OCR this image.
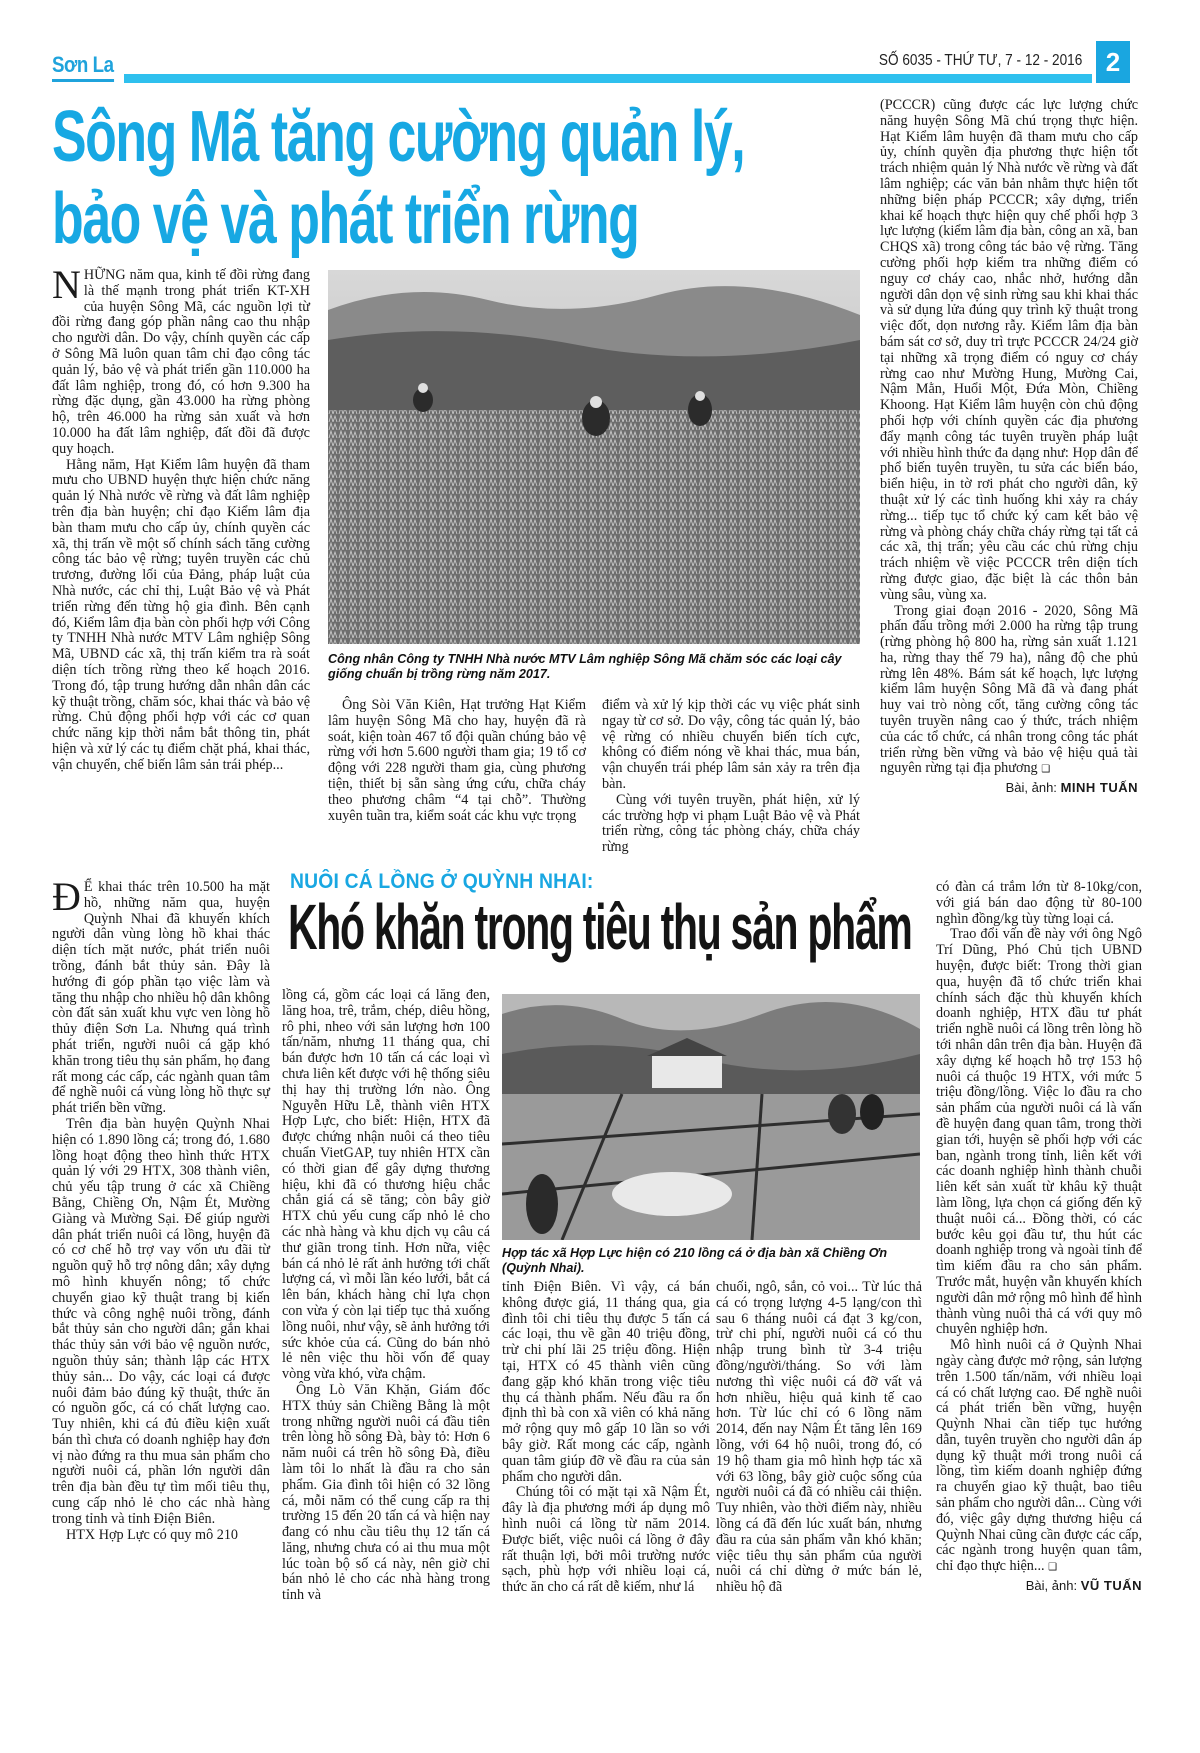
Sơn La	SỐ 6035 - THỨ TƯ, 7 - 12 - 2016 2
Sông Mã tăng cường quản lý,
bảo vệ và phát triển rừng

NHỮNG năm qua, kinh tế đồi rừng đang là thế mạnh trong phát triển KT-XH của huyện Sông Mã, các nguồn lợi từ đồi rừng đang góp phần nâng cao thu nhập cho người dân. Do vậy, chính quyền các cấp ở Sông Mã luôn quan tâm chỉ đạo công tác quản lý, bảo vệ và phát triển gần 110.000 ha đất lâm nghiệp, trong đó, có hơn 9.300 ha rừng đặc dụng, gần 43.000 ha rừng phòng hộ, trên 46.000 ha rừng sản xuất và hơn 10.000 ha đất lâm nghiệp, đất đồi đã được quy hoạch.

Hằng năm, Hạt Kiểm lâm huyện đã tham mưu cho UBND huyện thực hiện chức năng quản lý Nhà nước về rừng và đất lâm nghiệp trên địa bàn huyện; chỉ đạo Kiểm lâm địa bàn tham mưu cho cấp ủy, chính quyền các xã, thị trấn về một số chính sách tăng cường công tác bảo vệ rừng; tuyên truyền các chủ trương, đường lối của Đảng, pháp luật của Nhà nước, các chỉ thị, Luật Bảo vệ và Phát triển rừng đến từng hộ gia đình. Bên cạnh đó, Kiểm lâm địa bàn còn phối hợp với Công ty TNHH Nhà nước MTV Lâm nghiệp Sông Mã, UBND các xã, thị trấn kiểm tra rà soát diện tích trồng rừng theo kế hoạch 2016. Trong đó, tập trung hướng dẫn nhân dân các kỹ thuật trồng, chăm sóc, khai thác và bảo vệ rừng. Chủ động phối hợp với các cơ quan chức năng kịp thời nắm bắt thông tin, phát hiện và xử lý các tụ điểm chặt phá, khai thác, vận chuyển, chế biến lâm sản trái phép...

Công nhân Công ty TNHH Nhà nước MTV Lâm nghiệp Sông Mã chăm sóc các loại cây giống chuẩn bị trồng rừng năm 2017.

Ông Sòi Văn Kiên, Hạt trưởng Hạt Kiểm lâm huyện Sông Mã cho hay, huyện đã rà soát, kiện toàn 467 tổ đội quần chúng bảo vệ rừng với hơn 5.600 người tham gia; 19 tổ cơ động với 228 người tham gia, cùng phương tiện, thiết bị sẵn sàng ứng cứu, chữa cháy theo phương châm “4 tại chỗ”. Thường xuyên tuần tra, kiểm soát các khu vực trọng

điểm và xử lý kịp thời các vụ việc phát sinh ngay từ cơ sở. Do vậy, công tác quản lý, bảo vệ rừng có nhiều chuyển biến tích cực, không có điểm nóng về khai thác, mua bán, vận chuyển trái phép lâm sản xảy ra trên địa bàn.

Cùng với tuyên truyền, phát hiện, xử lý các trường hợp vi phạm Luật Bảo vệ và Phát triển rừng, công tác phòng cháy, chữa cháy rừng

(PCCCR) cũng được các lực lượng chức năng huyện Sông Mã chú trọng thực hiện. Hạt Kiểm lâm huyện đã tham mưu cho cấp ủy, chính quyền địa phương thực hiện tốt trách nhiệm quản lý Nhà nước về rừng và đất lâm nghiệp; các văn bản nhằm thực hiện tốt những biện pháp PCCCR; xây dựng, triển khai kế hoạch thực hiện quy chế phối hợp 3 lực lượng (kiểm lâm địa bàn, công an xã, ban CHQS xã) trong công tác bảo vệ rừng. Tăng cường phối hợp kiểm tra những điểm có nguy cơ cháy cao, nhắc nhở, hướng dẫn người dân dọn vệ sinh rừng sau khi khai thác và sử dụng lửa đúng quy trình kỹ thuật trong việc đốt, dọn nương rẫy. Kiểm lâm địa bàn bám sát cơ sở, duy trì trực PCCCR 24/24 giờ tại những xã trọng điểm có nguy cơ cháy rừng cao như Mường Hung, Mường Cai, Nậm Mằn, Huổi Một, Đứa Mòn, Chiềng Khoong. Hạt Kiểm lâm huyện còn chủ động phối hợp với chính quyền các địa phương đẩy mạnh công tác tuyên truyền pháp luật với nhiều hình thức đa dạng như: Họp dân để phổ biến tuyên truyền, tu sửa các biển báo, biển hiệu, in tờ rơi phát cho người dân, kỹ thuật xử lý các tình huống khi xảy ra cháy rừng... tiếp tục tổ chức ký cam kết bảo vệ rừng và phòng cháy chữa cháy rừng tại tất cả các xã, thị trấn; yêu cầu các chủ rừng chịu trách nhiệm về việc PCCCR trên diện tích rừng được giao, đặc biệt là các thôn bản vùng sâu, vùng xa.

Trong giai đoạn 2016 - 2020, Sông Mã phấn đấu trồng mới 2.000 ha rừng tập trung (rừng phòng hộ 800 ha, rừng sản xuất 1.121 ha, rừng thay thế 79 ha), nâng độ che phủ rừng lên 48%. Bám sát kế hoạch, lực lượng kiểm lâm huyện Sông Mã đã và đang phát huy vai trò nòng cốt, tăng cường công tác tuyên truyền nâng cao ý thức, trách nhiệm của các tổ chức, cá nhân trong công tác phát triển rừng bền vững và bảo vệ hiệu quả tài nguyên rừng tại địa phương ❑

Bài, ảnh: MINH TUẤN

NUÔI CÁ LỒNG Ở QUỲNH NHAI:
Khó khăn trong tiêu thụ sản phẩm

Đ Ể khai thác trên 10.500 ha mặt hồ, những năm qua, huyện Quỳnh Nhai đã khuyến khích người dân vùng lòng hồ khai thác diện tích mặt nước, phát triển nuôi trồng, đánh bắt thủy sản. Đây là hướng đi góp phần tạo việc làm và tăng thu nhập cho nhiều hộ dân không còn đất sản xuất khu vực ven lòng hồ thủy điện Sơn La. Nhưng quá trình phát triển, người nuôi cá gặp khó khăn trong tiêu thụ sản phẩm, họ đang rất mong các cấp, các ngành quan tâm để nghề nuôi cá vùng lòng hồ thực sự phát triển bền vững.

Trên địa bàn huyện Quỳnh Nhai hiện có 1.890 lồng cá; trong đó, 1.680 lồng hoạt động theo hình thức HTX quản lý với 29 HTX, 308 thành viên, chủ yếu tập trung ở các xã Chiềng Bằng, Chiềng Ơn, Nậm Ét, Mường Giàng và Mường Sại. Để giúp người dân phát triển nuôi cá lồng, huyện đã có cơ chế hỗ trợ vay vốn ưu đãi từ nguồn quỹ hỗ trợ nông dân; xây dựng mô hình khuyến nông; tổ chức chuyển giao kỹ thuật trang bị kiến thức và công nghệ nuôi trồng, đánh bắt thủy sản cho người dân; gắn khai thác thủy sản với bảo vệ nguồn nước, nguồn thủy sản; thành lập các HTX thủy sản... Do vậy, các loại cá được nuôi đảm bảo đúng kỹ thuật, thức ăn có nguồn gốc, cá có chất lượng cao. Tuy nhiên, khi cá đủ điều kiện xuất bán thì chưa có doanh nghiệp hay đơn vị nào đứng ra thu mua sản phẩm cho người nuôi cá, phần lớn người dân trên địa bàn đều tự tìm mối tiêu thụ, cung cấp nhỏ lẻ cho các nhà hàng trong tỉnh và tỉnh Điện Biên.

HTX Hợp Lực có quy mô 210

lồng cá, gồm các loại cá lăng đen, lăng hoa, trê, trắm, chép, diêu hồng, rô phi, nheo với sản lượng hơn 100 tấn/năm, nhưng 11 tháng qua, chỉ bán được hơn 10 tấn cá các loại vì chưa liên kết được với hệ thống siêu thị hay thị trường lớn nào. Ông Nguyễn Hữu Lễ, thành viên HTX Hợp Lực, cho biết: Hiện, HTX đã được chứng nhận nuôi cá theo tiêu chuẩn VietGAP, tuy nhiên HTX cần có thời gian để gây dựng thương hiệu, khi đã có thương hiệu chắc chắn giá cá sẽ tăng; còn bây giờ HTX chủ yếu cung cấp nhỏ lẻ cho các nhà hàng và khu dịch vụ câu cá thư giãn trong tỉnh. Hơn nữa, việc bán cá nhỏ lẻ rất ảnh hưởng tới chất lượng cá, vì mỗi lần kéo lưới, bắt cá lên bán, khách hàng chỉ lựa chọn con vừa ý còn lại tiếp tục thả xuống lồng nuôi, như vậy, sẽ ảnh hưởng tới sức khỏe của cá. Cũng do bán nhỏ lẻ nên việc thu hồi vốn để quay vòng vừa khó, vừa chậm.

Ông Lò Văn Khặn, Giám đốc HTX thủy sản Chiềng Bằng là một trong những người nuôi cá đầu tiên trên lòng hồ sông Đà, bày tỏ: Hơn 6 năm nuôi cá trên hồ sông Đà, điều làm tôi lo nhất là đầu ra cho sản phẩm. Gia đình tôi hiện có 32 lồng cá, mỗi năm có thể cung cấp ra thị trường 15 đến 20 tấn cá và hiện nay đang có nhu cầu tiêu thụ 12 tấn cá lăng, nhưng chưa có ai thu mua một lúc toàn bộ số cá này, nên giờ chỉ bán nhỏ lẻ cho các nhà hàng trong tỉnh và

Hợp tác xã Hợp Lực hiện có 210 lồng cá ở địa bàn xã Chiềng Ơn (Quỳnh Nhai).

tỉnh Điện Biên. Vì vậy, cá bán không được giá, 11 tháng qua, gia đình tôi chi tiêu thụ được 5 tấn cá các loại, thu về gần 40 triệu đồng, trừ chi phí lãi 25 triệu đồng. Hiện tại, HTX có 45 thành viên cũng đang gặp khó khăn trong việc tiêu thụ cá thành phẩm. Nếu đầu ra ổn định thì bà con xã viên có khả năng mở rộng quy mô gấp 10 lần so với bây giờ. Rất mong các cấp, ngành quan tâm giúp đỡ về đầu ra của sản phẩm cho người dân.

Chúng tôi có mặt tại xã Nậm Ét, đây là địa phương mới áp dụng mô hình nuôi cá lồng từ năm 2014. Được biết, việc nuôi cá lồng ở đây rất thuận lợi, bởi môi trường nước sạch, phù hợp với nhiều loại cá, thức ăn cho cá rất dễ kiếm, như lá

chuối, ngô, sắn, cỏ voi... Từ lúc thả cá có trọng lượng 4-5 lạng/con thì sau 6 tháng nuôi cá đạt 3 kg/con, trừ chi phí, người nuôi cá có thu nhập trung bình từ 3-4 triệu đồng/người/tháng. So với làm nương thì việc nuôi cá đỡ vất vả hơn nhiều, hiệu quả kinh tế cao hơn. Từ lúc chỉ có 6 lồng năm 2014, đến nay Nậm Ét tăng lên 169 lồng, với 64 hộ nuôi, trong đó, có 19 hộ tham gia mô hình hợp tác xã với 63 lồng, bây giờ cuộc sống của người nuôi cá đã có nhiều cải thiện. Tuy nhiên, vào thời điểm này, nhiều lồng cá đã đến lúc xuất bán, nhưng đầu ra của sản phẩm vẫn khó khăn; việc tiêu thụ sản phẩm của người nuôi cá chỉ dừng ở mức bán lẻ, nhiều hộ đã

có đàn cá trắm lớn từ 8-10kg/con, với giá bán dao động từ 80-100 nghìn đồng/kg tùy từng loại cá.

Trao đổi vấn đề này với ông Ngô Trí Dũng, Phó Chủ tịch UBND huyện, được biết: Trong thời gian qua, huyện đã tổ chức triển khai chính sách đặc thù khuyến khích doanh nghiệp, HTX đầu tư phát triển nghề nuôi cá lồng trên lòng hồ tới nhân dân trên địa bàn. Huyện đã xây dựng kế hoạch hỗ trợ 153 hộ nuôi cá thuộc 19 HTX, với mức 5 triệu đồng/lồng. Việc lo đầu ra cho sản phẩm của người nuôi cá là vấn đề huyện đang quan tâm, trong thời gian tới, huyện sẽ phối hợp với các ban, ngành trong tỉnh, liên kết với các doanh nghiệp hình thành chuỗi liên kết sản xuất từ khâu kỹ thuật làm lồng, lựa chọn cá giống đến kỹ thuật nuôi cá... Đồng thời, có các bước kêu gọi đầu tư, thu hút các doanh nghiệp trong và ngoài tỉnh để tìm kiếm đầu ra cho sản phẩm. Trước mắt, huyện vẫn khuyến khích người dân mở rộng mô hình để hình thành vùng nuôi thả cá với quy mô chuyên nghiệp hơn.

Mô hình nuôi cá ở Quỳnh Nhai ngày càng được mở rộng, sản lượng trên 1.500 tấn/năm, với nhiều loại cá có chất lượng cao. Để nghề nuôi cá phát triển bền vững, huyện Quỳnh Nhai cần tiếp tục hướng dẫn, tuyên truyền cho người dân áp dụng kỹ thuật mới trong nuôi cá lồng, tìm kiếm doanh nghiệp đứng ra chuyển giao kỹ thuật, bao tiêu sản phẩm cho người dân... Cùng với đó, việc gây dựng thương hiệu cá Quỳnh Nhai cũng cần được các cấp, các ngành trong huyện quan tâm, chỉ đạo thực hiện... ❑

Bài, ảnh: VŨ TUẤN
